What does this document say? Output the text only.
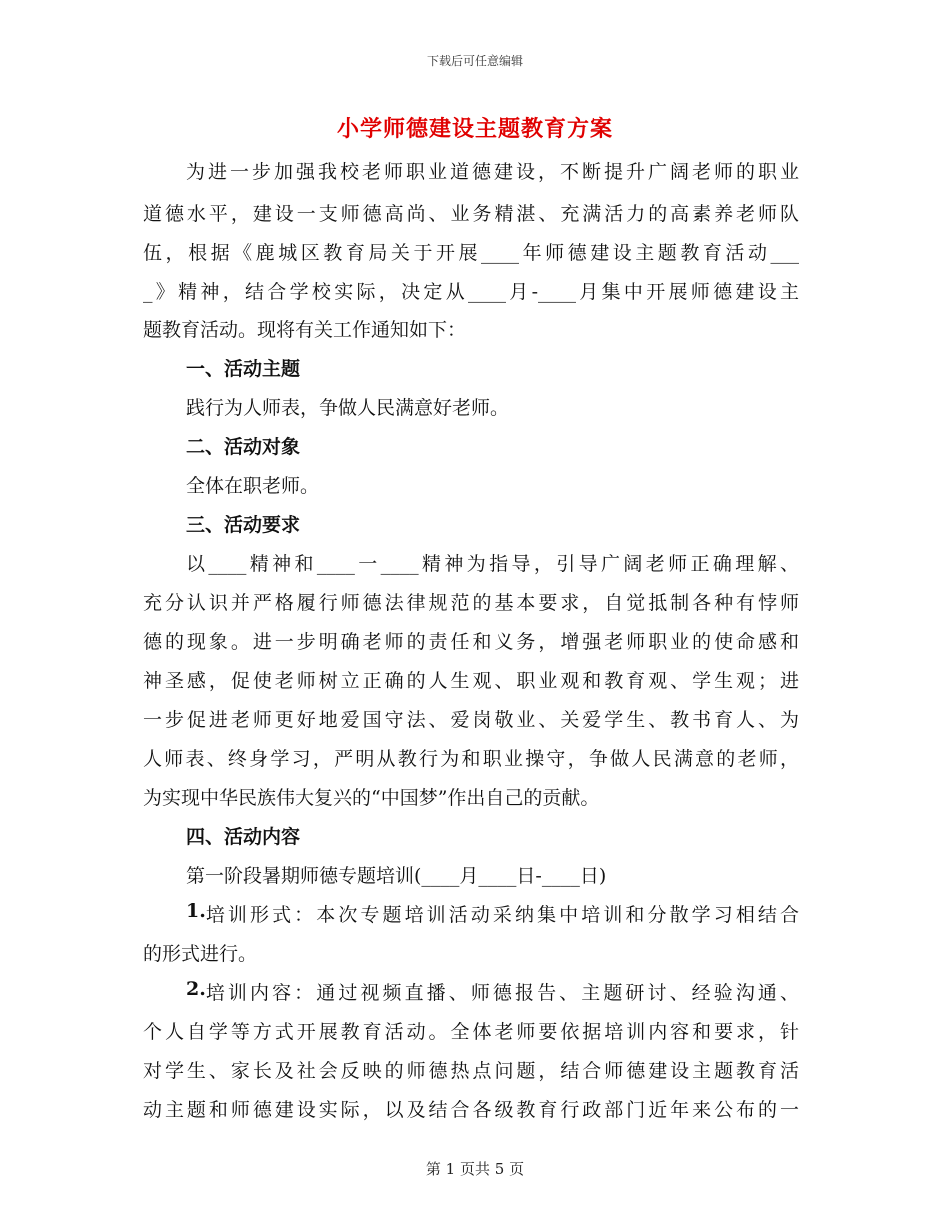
下载后可任意编辑
小学师德建设主题教育方案
为进一步加强我校老师职业道德建设，不断提升广阔老师的职业
道德水平，建设一支师德高尚、业务精湛、充满活力的高素养老师队
伍，根据《鹿城区教育局关于开展____年师德建设主题教育活动___
_》精神，结合学校实际，决定从____月-____月集中开展师德建设主
题教育活动。现将有关工作通知如下：
一、活动主题
践行为人师表，争做人民满意好老师。
二、活动对象
全体在职老师。
三、活动要求
以____精神和____一____精神为指导，引导广阔老师正确理解、
充分认识并严格履行师德法律规范的基本要求，自觉抵制各种有悖师
德的现象。进一步明确老师的责任和义务，增强老师职业的使命感和
神圣感，促使老师树立正确的人生观、职业观和教育观、学生观；进
一步促进老师更好地爱国守法、爱岗敬业、关爱学生、教书育人、为
人师表、终身学习，严明从教行为和职业操守，争做人民满意的老师，
为实现中华民族伟大复兴的“中国梦”作出自己的贡献。
四、活动内容
第一阶段暑期师德专题培训(____月____日-____日)
1. 培训形式：本次专题培训活动采纳集中培训和分散学习相结合
的形式进行。
2. 培训内容：通过视频直播、师德报告、主题研讨、经验沟通、
个人自学等方式开展教育活动。全体老师要依据培训内容和要求，针
对学生、家长及社会反映的师德热点问题，结合师德建设主题教育活
动主题和师德建设实际，以及结合各级教育行政部门近年来公布的一
第 1 页共 5 页
